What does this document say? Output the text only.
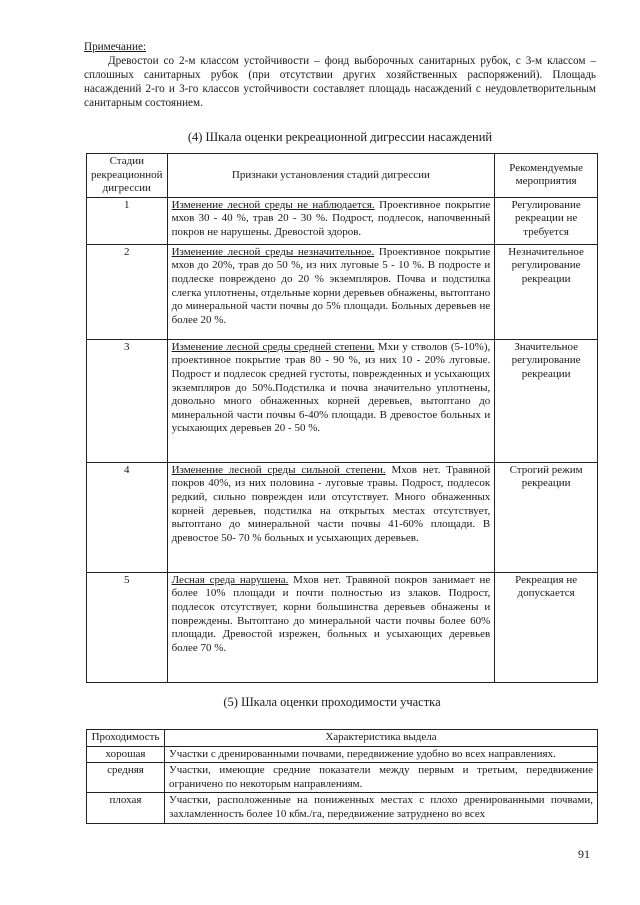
Примечание:

Древостои со 2-м классом устойчивости – фонд выборочных санитарных рубок, с 3-м классом – сплошных санитарных рубок (при отсутствии других хозяйственных распоряжений). Площадь насаждений 2-го и 3-го классов устойчивости составляет площадь насаждений с неудовлетворительным санитарным состоянием.

(4) Шкала оценки рекреационной дигрессии насаждений
Стадии рекреационной дигрессии	Признаки установления стадий дигрессии	Рекомендуемые мероприятия
1	Изменение лесной среды не наблюдается. Проективное покрытие мхов 30 - 40 %, трав 20 - 30 %. Подрост, подлесок, напочвенный покров не нарушены. Древостой здоров.	Регулирование рекреации не требуется
2	Изменение лесной среды незначительное. Проективное покрытие мхов до 20%, трав до 50 %, из них луговые 5 - 10 %. В подросте и подлеске повреждено до 20 % экземпляров. Почва и подстилка слегка уплотнены, отдельные корни деревьев обнажены, вытоптано до минеральной части почвы до 5% площади. Больных деревьев не более 20 %.	Незначительное регулирование рекреации
3	Изменение лесной среды средней степени. Мхи у стволов (5-10%), проективное покрытие трав 80 - 90 %, из них 10 - 20% луговые. Подрост и подлесок средней густоты, поврежденных и усыхающих экземпляров до 50%.Подстилка и почва значительно уплотнены, довольно много обнаженных корней деревьев, вытоптано до минеральной части почвы 6-40% площади. В древостое больных и усыхающих деревьев 20 - 50 %.	Значительное регулирование рекреации
4	Изменение лесной среды сильной степени. Мхов нет. Травяной покров 40%, из них половина - луговые травы. Подрост, подлесок редкий, сильно поврежден или отсутствует. Много обнаженных корней деревьев, подстилка на открытых местах отсутствует, вытоптано до минеральной части почвы 41-60% площади. В древостое 50- 70 % больных и усыхающих деревьев.	Строгий режим рекреации
5	Лесная среда нарушена. Мхов нет. Травяной покров занимает не более 10% площади и почти полностью из злаков. Подрост, подлесок отсутствует, корни большинства деревьев обнажены и повреждены. Вытоптано до минеральной части почвы более 60% площади. Древостой изрежен, больных и усыхающих деревьев более 70 %.	Рекреация не допускается
(5) Шкала оценки проходимости участка
Проходимость	Характеристика выдела
хорошая	Участки с дренированными почвами, передвижение удобно во всех направлениях.
средняя	Участки, имеющие средние показатели между первым и третьим, передвижение ограничено по некоторым направлениям.
плохая	Участки, расположенные на пониженных местах с плохо дренированными почвами, захламленность более 10 кбм./га, передвижение затруднено во всех
91
